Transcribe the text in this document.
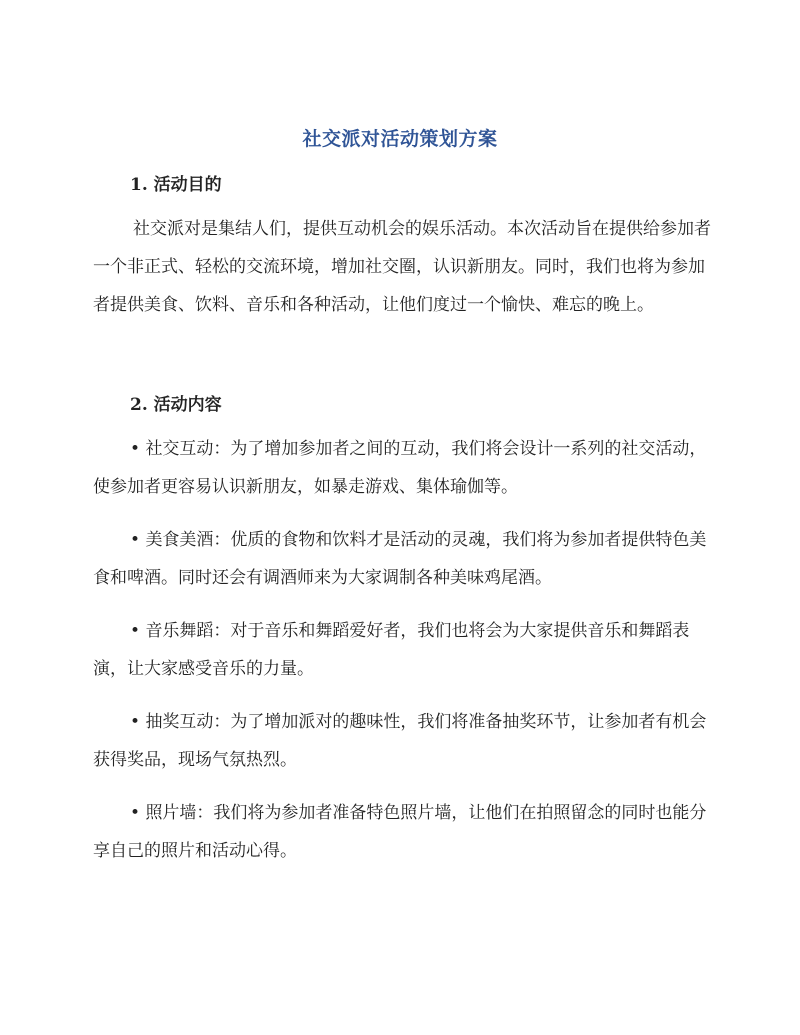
社交派对活动策划方案
1. 活动目的
社交派对是集结人们，提供互动机会的娱乐活动。本次活动旨在提供给参加者一个非正式、轻松的交流环境，增加社交圈，认识新朋友。同时，我们也将为参加者提供美食、饮料、音乐和各种活动，让他们度过一个愉快、难忘的晚上。
2. 活动内容
• 社交互动：为了增加参加者之间的互动，我们将会设计一系列的社交活动，使参加者更容易认识新朋友，如暴走游戏、集体瑜伽等。
• 美食美酒：优质的食物和饮料才是活动的灵魂，我们将为参加者提供特色美食和啤酒。同时还会有调酒师来为大家调制各种美味鸡尾酒。
• 音乐舞蹈：对于音乐和舞蹈爱好者，我们也将会为大家提供音乐和舞蹈表演，让大家感受音乐的力量。
• 抽奖互动：为了增加派对的趣味性，我们将准备抽奖环节，让参加者有机会获得奖品，现场气氛热烈。
• 照片墙：我们将为参加者准备特色照片墙，让他们在拍照留念的同时也能分享自己的照片和活动心得。
